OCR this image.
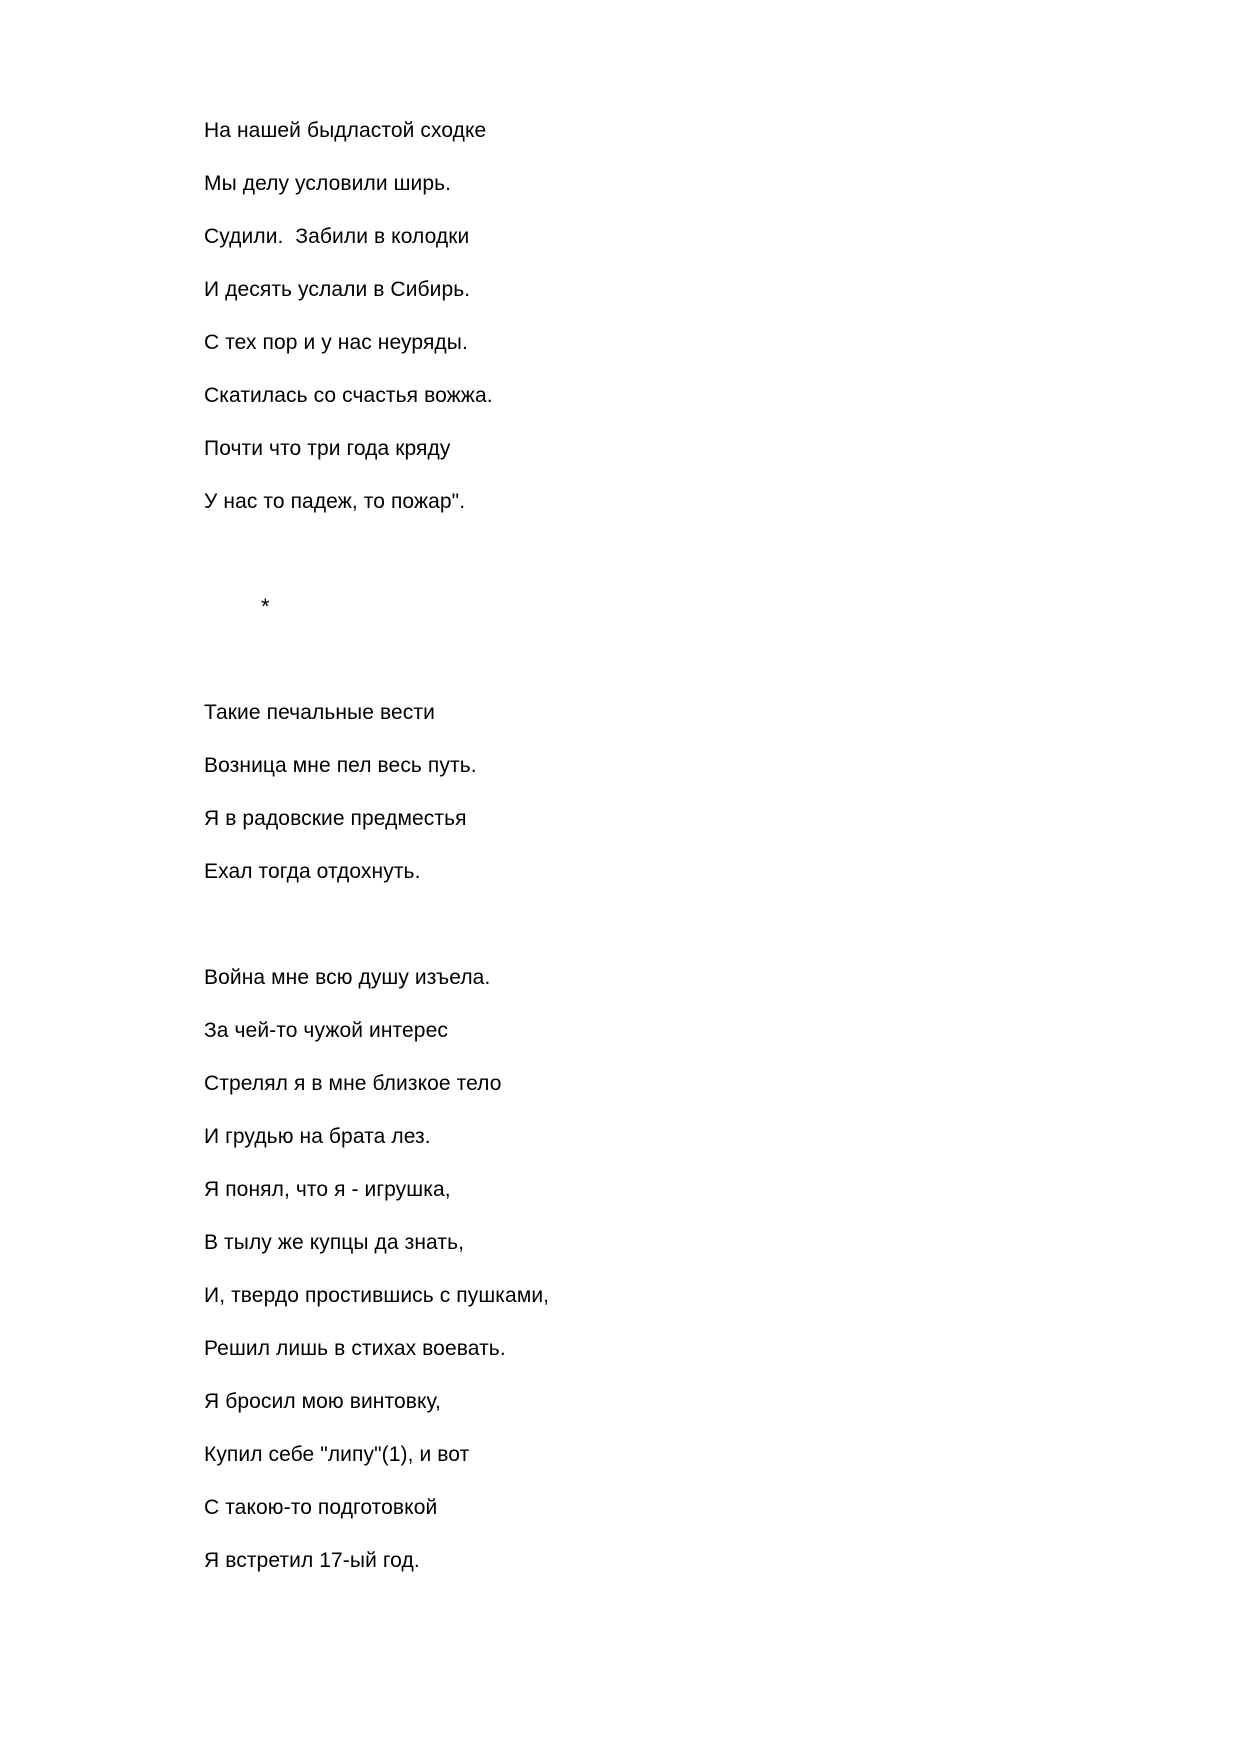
На нашей быдластой сходке
Мы делу условили ширь.
Судили.  Забили в колодки
И десять услали в Сибирь.
С тех пор и у нас неуряды.
Скатилась со счастья вожжа.
Почти что три года кряду
У нас то падеж, то пожар".
*
Такие печальные вести
Возница мне пел весь путь.
Я в радовские предместья
Ехал тогда отдохнуть.
Война мне всю душу изъела.
За чей-то чужой интерес
Стрелял я в мне близкое тело
И грудью на брата лез.
Я понял, что я - игрушка,
В тылу же купцы да знать,
И, твердо простившись с пушками,
Решил лишь в стихах воевать.
Я бросил мою винтовку,
Купил себе "липу"(1), и вот
С такою-то подготовкой
Я встретил 17-ый год.
